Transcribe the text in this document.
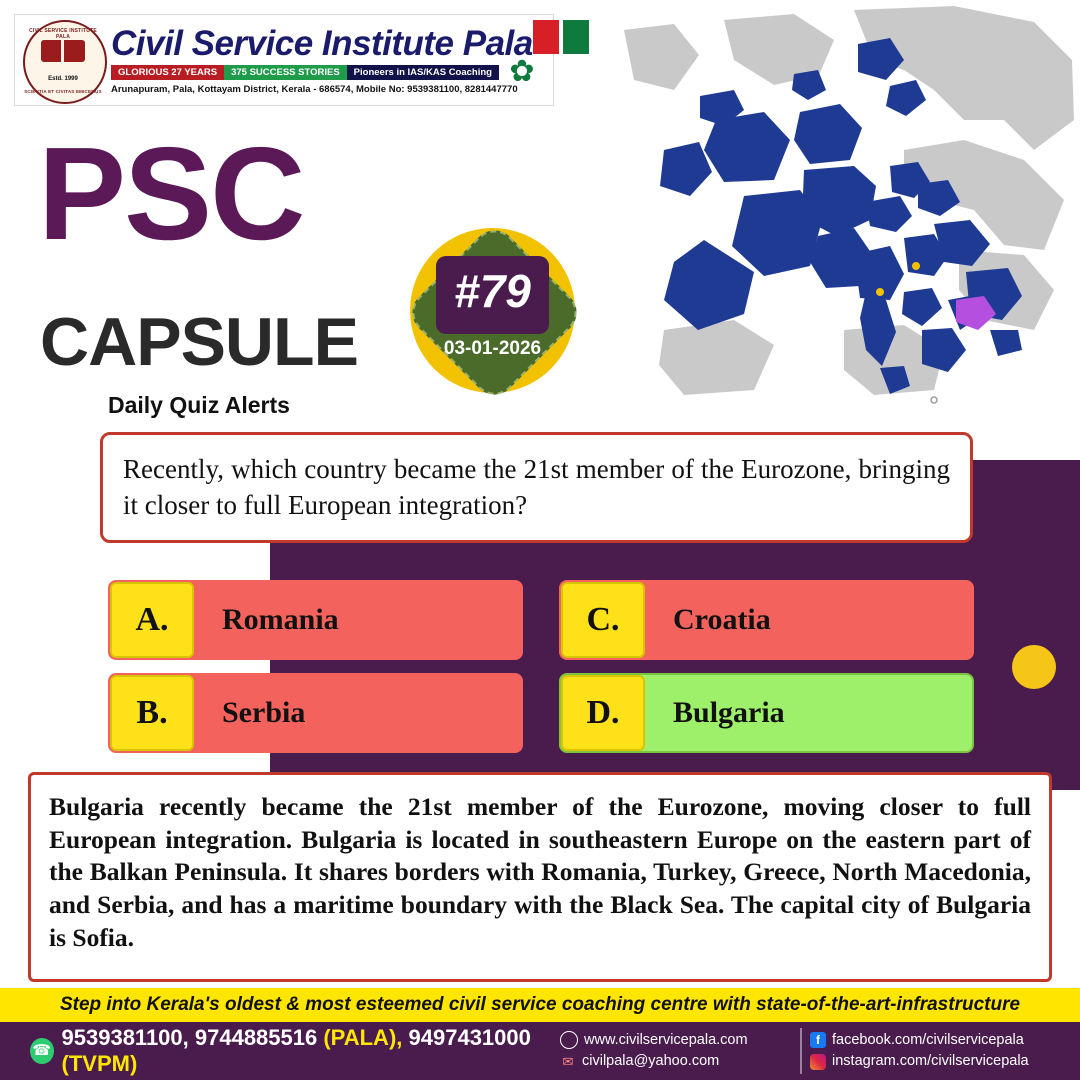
CIVIL SERVICE INSTITUTE PALA
Estd. 1999
SCIENTIA ET CIVITAS EMICEMUS
Civil Service Institute Pala
GLORIOUS 27 YEARS	375 SUCCESS STORIES	Pioneers in IAS/KAS Coaching
Arunapuram, Pala, Kottayam District, Kerala - 686574, Mobile No: 9539381100, 8281447770
✿
PSC
CAPSULE
Daily Quiz Alerts
#79
03-01-2026
Recently, which country became the 21st member of the Eurozone, bringing it closer to full European integration?
A.	Romania	C.	Croatia
B.	Serbia	D.	Bulgaria
Bulgaria recently became the 21st member of the Eurozone, moving closer to full European integration. Bulgaria is located in southeastern Europe on the eastern part of the Balkan Peninsula. It shares borders with Romania, Turkey, Greece, North Macedonia, and Serbia, and has a maritime boundary with the Black Sea. The capital city of Bulgaria is Sofia.
Step into Kerala's oldest & most esteemed civil service coaching centre with state-of-the-art-infrastructure
☎
9539381100, 9744885516 (PALA), 9497431000 (TVPM)
www.civilservicepala.com
✉ civilpala@yahoo.com
f facebook.com/civilservicepala
instagram.com/civilservicepala
